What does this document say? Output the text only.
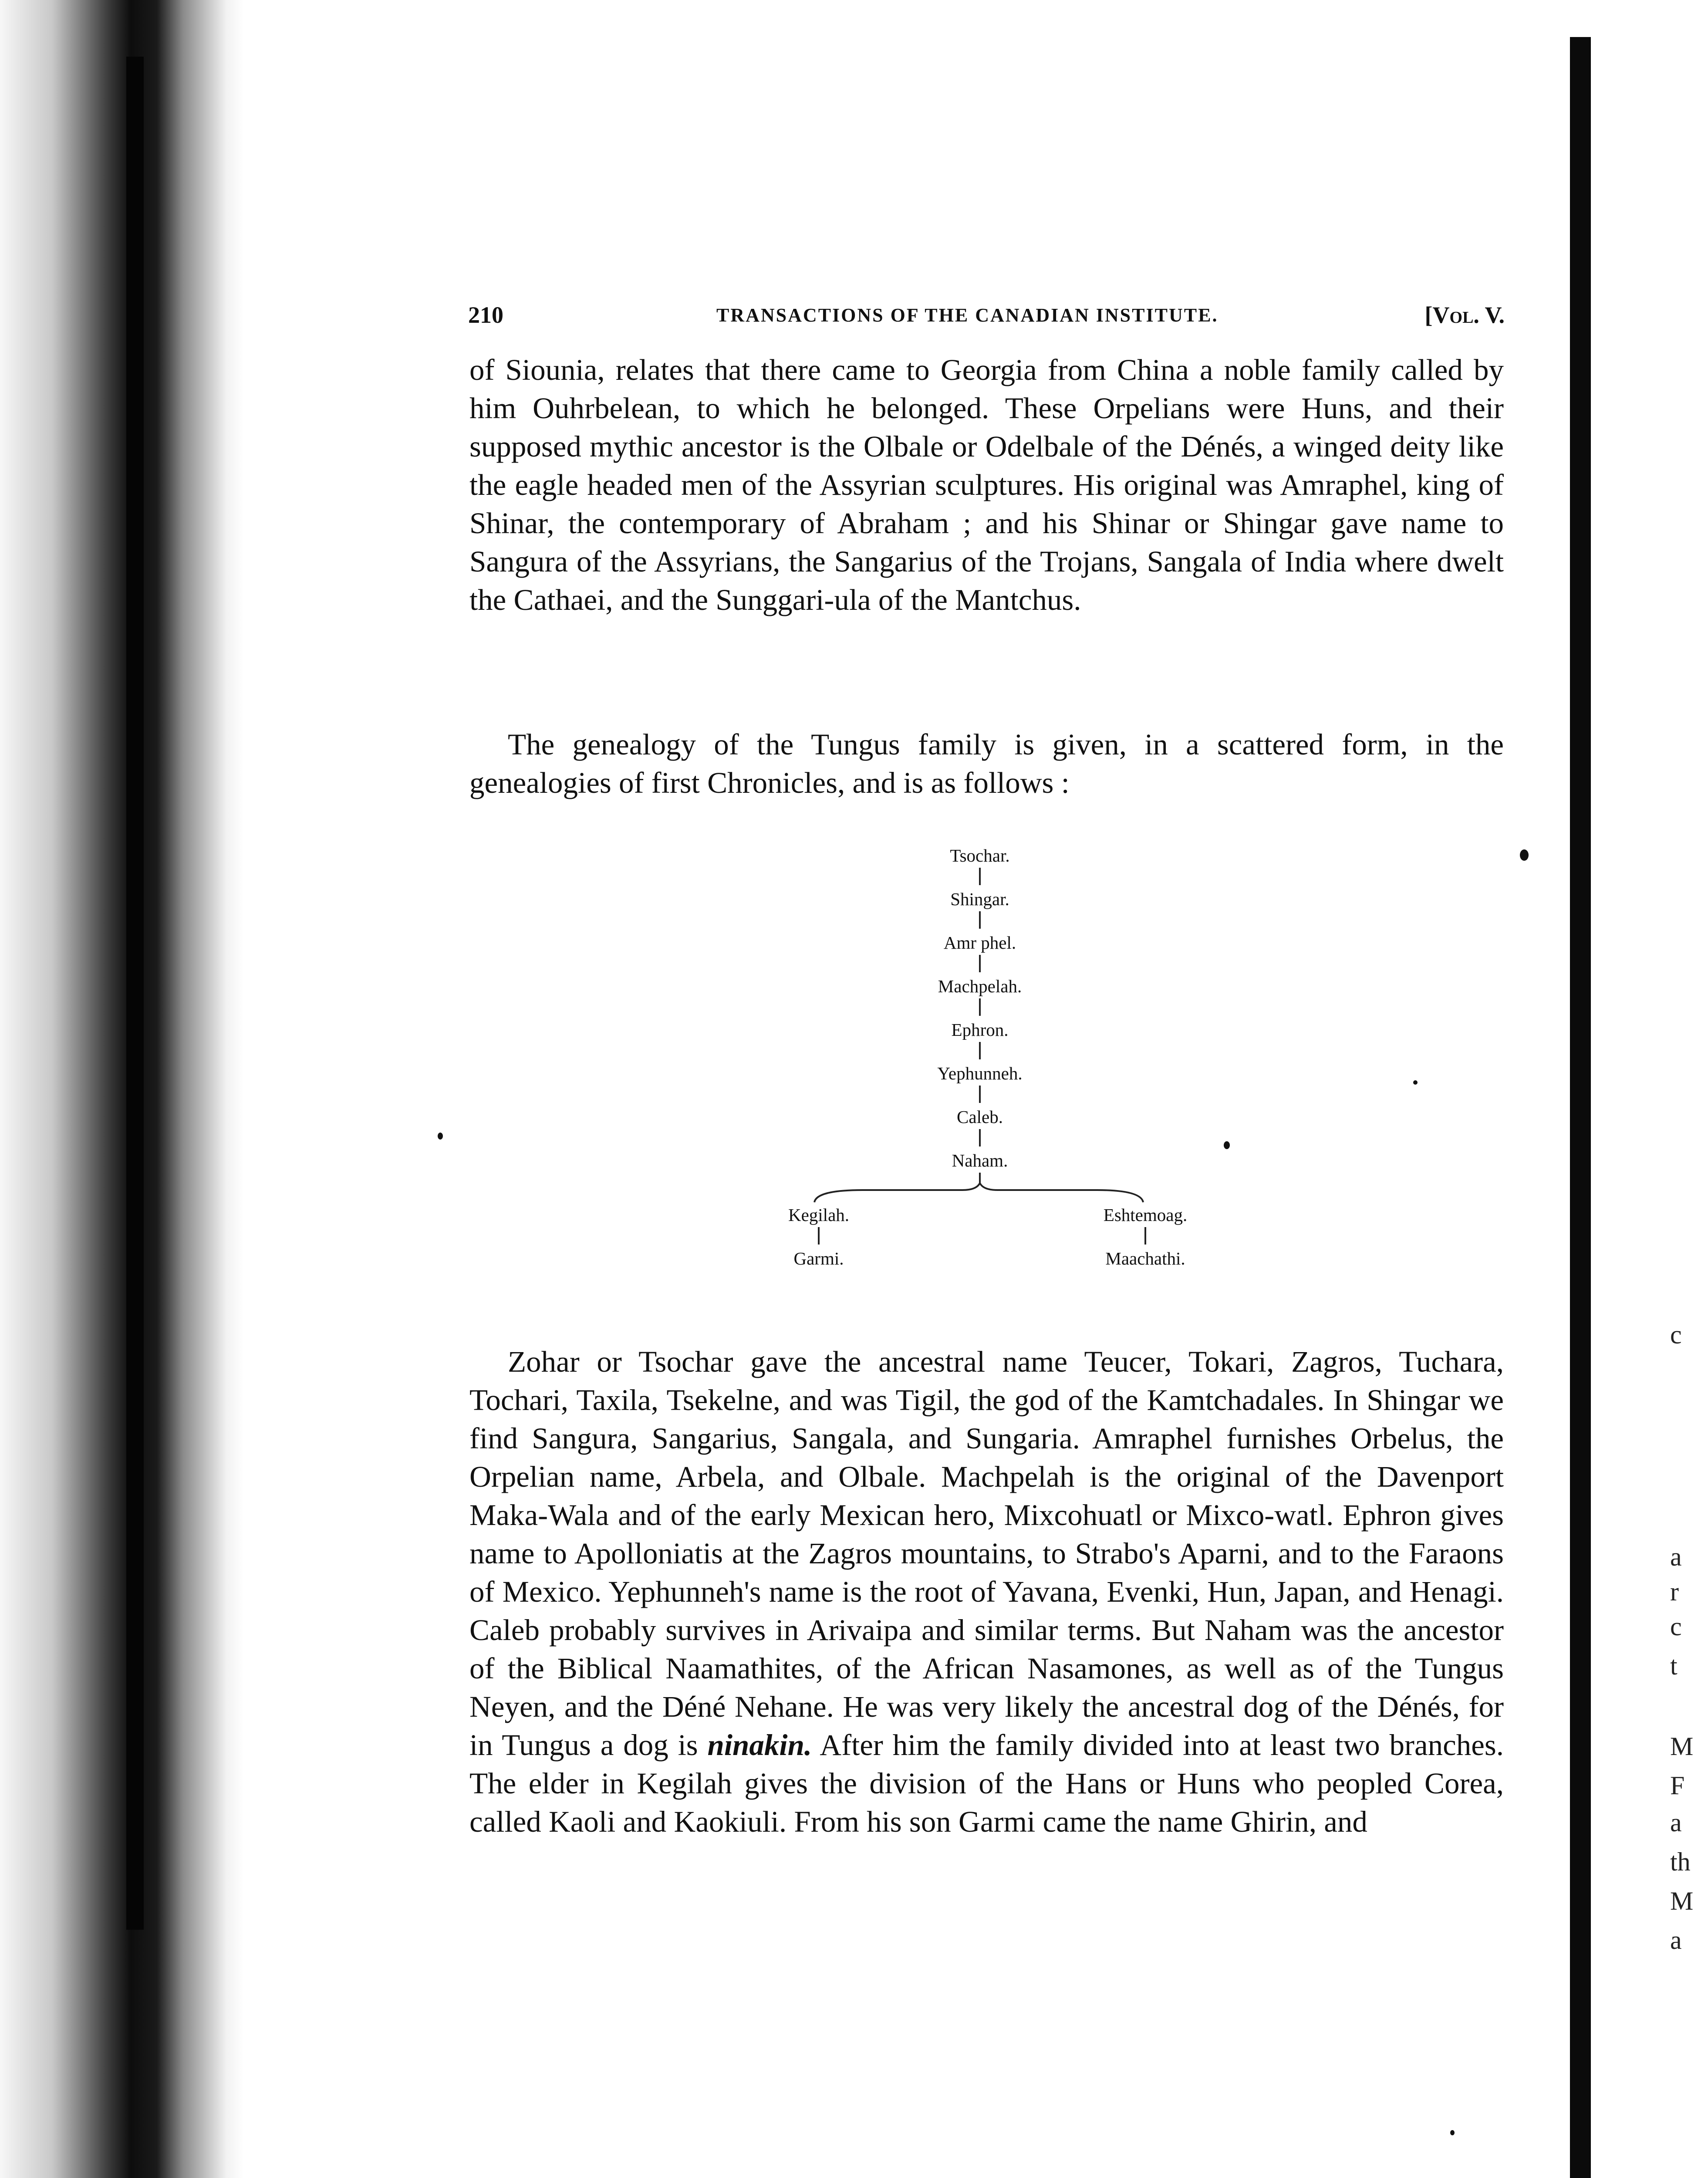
210	TRANSACTIONS OF THE CANADIAN INSTITUTE.	[Vol. V.

of Siounia, relates that there came to Georgia from China a noble family called by him Ouhrbelean, to which he belonged. These Orpelians were Huns, and their supposed mythic ancestor is the Olbale or Odelbale of the Dénés, a winged deity like the eagle headed men of the Assyrian sculptures. His original was Amraphel, king of Shinar, the contemporary of Abraham ; and his Shinar or Shingar gave name to Sangura of the Assyrians, the Sangarius of the Trojans, Sangala of India where dwelt the Cathaei, and the Sunggari-ula of the Mantchus.

The genealogy of the Tungus family is given, in a scattered form, in the genealogies of first Chronicles, and is as follows :

Tsochar.
Shingar.
Amr phel.
Machpelah.
Ephron.
Yephunneh.
Caleb.
Naham.
Kegilah.
Garmi.
Eshtemoag.
Maachathi.

Zohar or Tsochar gave the ancestral name Teucer, Tokari, Zagros, Tuchara, Tochari, Taxila, Tsekelne, and was Tigil, the god of the Kamtchadales. In Shingar we find Sangura, Sangarius, Sangala, and Sungaria. Amraphel furnishes Orbelus, the Orpelian name, Arbela, and Olbale. Machpelah is the original of the Davenport Maka-Wala and of the early Mexican hero, Mixcohuatl or Mixco-watl. Ephron gives name to Apolloniatis at the Zagros mountains, to Strabo's Aparni, and to the Faraons of Mexico. Yephunneh's name is the root of Yavana, Evenki, Hun, Japan, and Henagi. Caleb probably survives in Arivaipa and similar terms. But Naham was the ancestor of the Biblical Naamathites, of the African Nasamones, as well as of the Tungus Neyen, and the Déné Nehane. He was very likely the ancestral dog of the Dénés, for in Tungus a dog is ninakin. After him the family divided into at least two branches. The elder in Kegilah gives the division of the Hans or Huns who peopled Corea, called Kaoli and Kaokiuli. From his son Garmi came the name Ghirin, and

c
a
r
c
t
M
F
a
th
M
a
